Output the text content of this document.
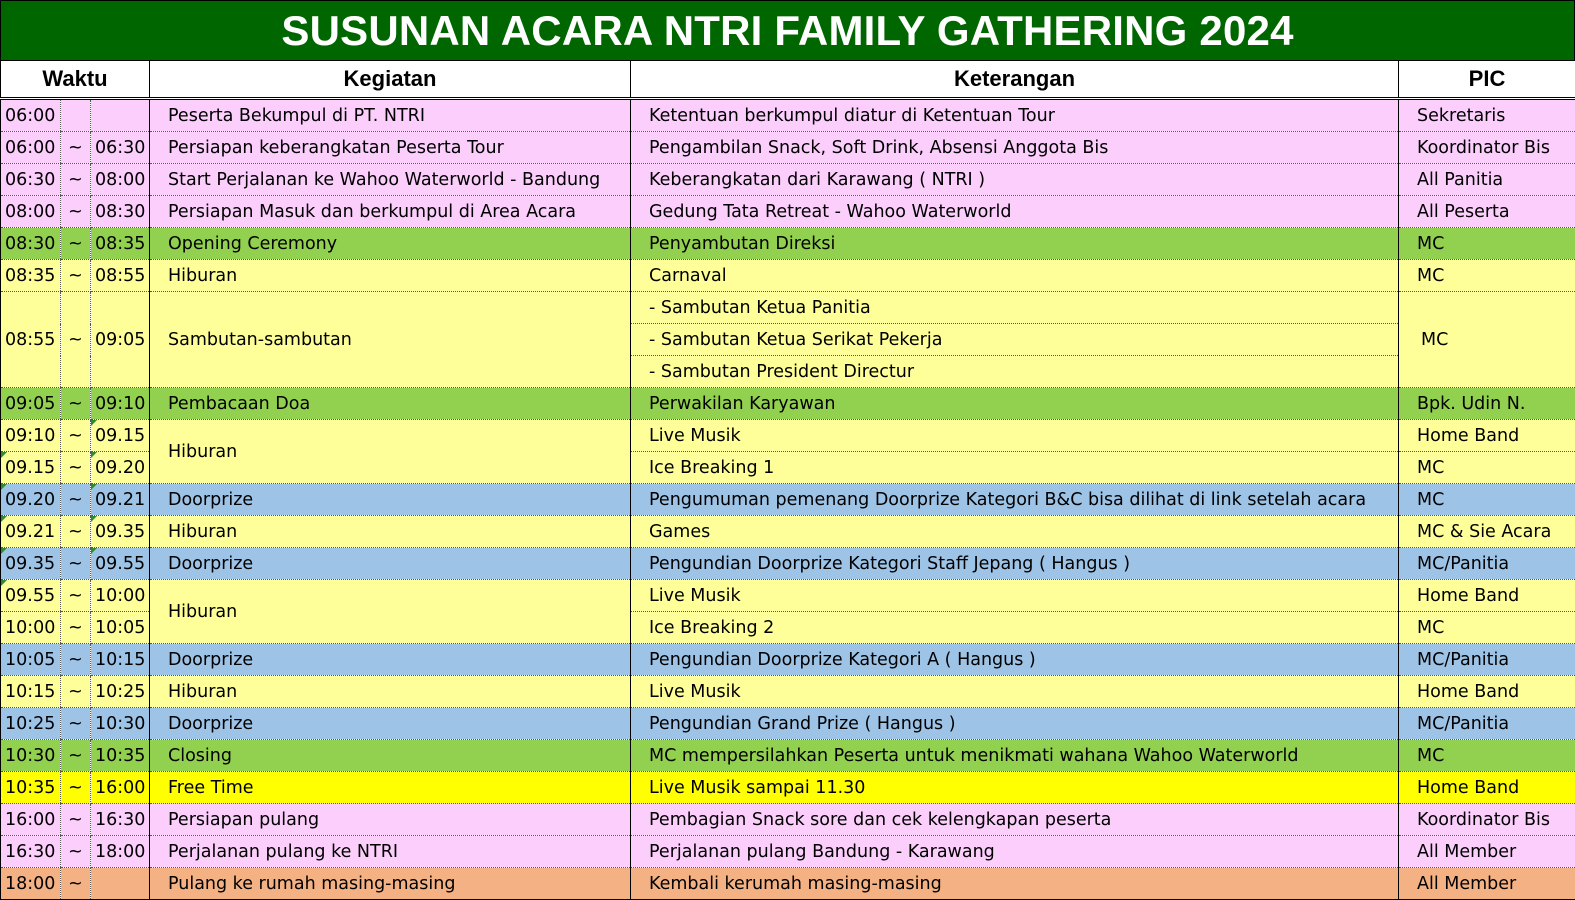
SUSUNAN ACARA NTRI FAMILY GATHERING 2024
Waktu			Kegiatan	Keterangan	PIC
06:00			Peserta Bekumpul di PT. NTRI	Ketentuan berkumpul diatur di Ketentuan Tour	Sekretaris
06:00	~	06:30	Persiapan keberangkatan Peserta Tour	Pengambilan Snack, Soft Drink, Absensi Anggota Bis	Koordinator Bis
06:30	~	08:00	Start Perjalanan ke Wahoo Waterworld - Bandung	Keberangkatan dari Karawang ( NTRI )	All Panitia
08:00	~	08:30	Persiapan Masuk dan berkumpul di Area Acara	Gedung Tata Retreat - Wahoo Waterworld	All Peserta
08:30	~	08:35	Opening Ceremony	Penyambutan Direksi	MC
08:35	~	08:55	Hiburan	Carnaval	MC
08:55	~	09:05	Sambutan-sambutan	- Sambutan Ketua Panitia	MC
				- Sambutan Ketua Serikat Pekerja	
				- Sambutan President Directur	
09:05	~	09:10	Pembacaan Doa	Perwakilan Karyawan	Bpk. Udin N.
09:10	~	09.15	Hiburan	Live Musik	Home Band
09.15	~	09.20		Ice Breaking 1	MC
09.20	~	09.21	Doorprize	Pengumuman pemenang Doorprize Kategori B&C bisa dilihat di link setelah acara	MC
09.21	~	09.35	Hiburan	Games	MC & Sie Acara
09.35	~	09.55	Doorprize	Pengundian Doorprize Kategori Staff Jepang ( Hangus )	MC/Panitia
09.55	~	10:00	Hiburan	Live Musik	Home Band
10:00	~	10:05		Ice Breaking 2	MC
10:05	~	10:15	Doorprize	Pengundian Doorprize Kategori A ( Hangus )	MC/Panitia
10:15	~	10:25	Hiburan	Live Musik	Home Band
10:25	~	10:30	Doorprize	Pengundian Grand Prize ( Hangus )	MC/Panitia
10:30	~	10:35	Closing	MC mempersilahkan Peserta untuk menikmati wahana Wahoo Waterworld	MC
10:35	~	16:00	Free Time	Live Musik sampai 11.30	Home Band
16:00	~	16:30	Persiapan pulang	Pembagian Snack sore dan cek kelengkapan peserta	Koordinator Bis
16:30	~	18:00	Perjalanan pulang ke NTRI	Perjalanan pulang Bandung - Karawang	All Member
18:00	~		Pulang ke rumah masing-masing	Kembali kerumah masing-masing	All Member
